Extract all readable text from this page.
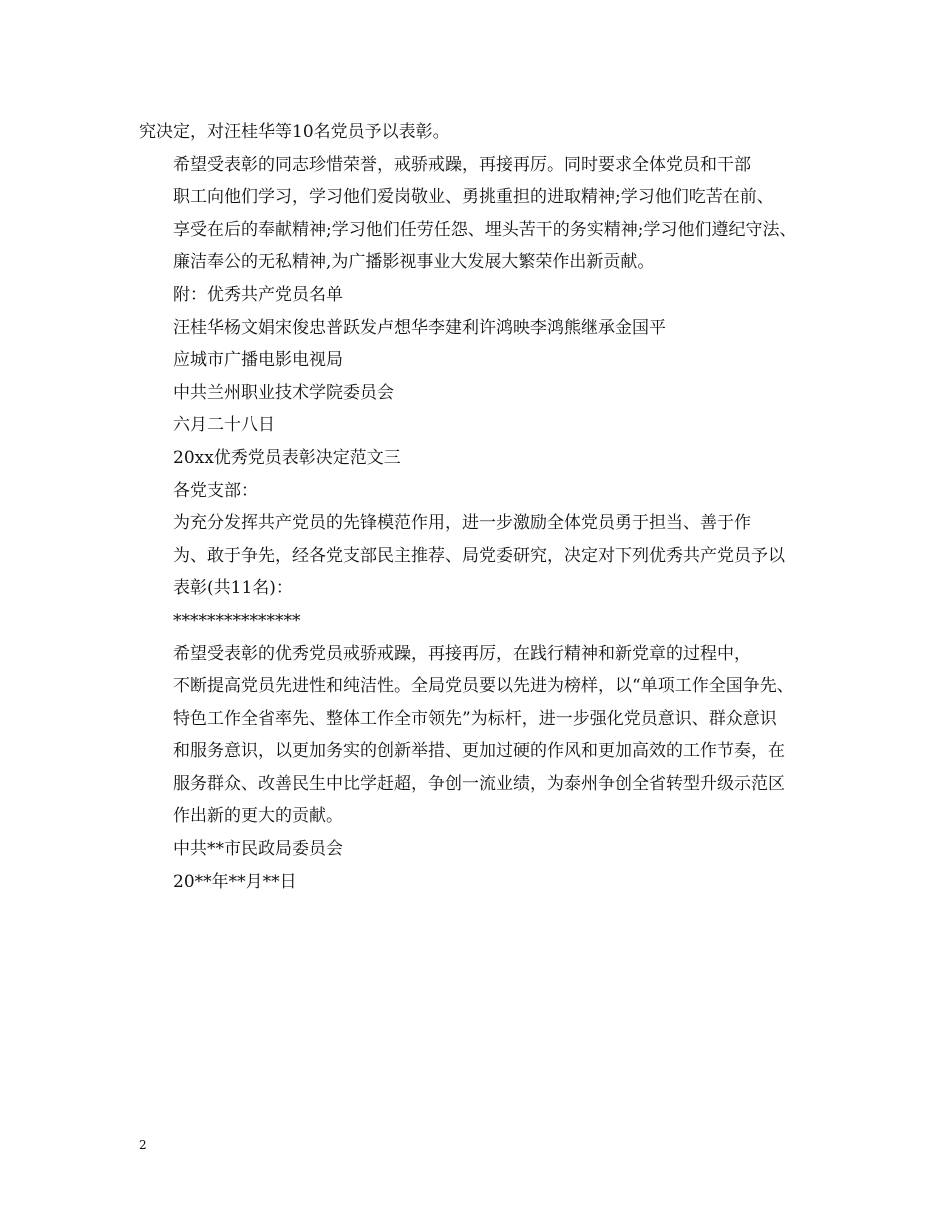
究决定，对汪桂华等10名党员予以表彰。

希望受表彰的同志珍惜荣誉，戒骄戒躁，再接再厉。同时要求全体党员和干部
职工向他们学习，学习他们爱岗敬业、勇挑重担的进取精神;学习他们吃苦在前、
享受在后的奉献精神;学习他们任劳任怨、埋头苦干的务实精神;学习他们遵纪守法、
廉洁奉公的无私精神,为广播影视事业大发展大繁荣作出新贡献。

附：优秀共产党员名单

汪桂华杨文娟宋俊忠普跃发卢想华李建利许鸿映李鸿熊继承金国平

应城市广播电影电视局

中共兰州职业技术学院委员会

六月二十八日

20xx优秀党员表彰决定范文三

各党支部：

为充分发挥共产党员的先锋模范作用，进一步激励全体党员勇于担当、善于作
为、敢于争先，经各党支部民主推荐、局党委研究，决定对下列优秀共产党员予以
表彰(共11名)：

***************

希望受表彰的优秀党员戒骄戒躁，再接再厉，在践行精神和新党章的过程中，
不断提高党员先进性和纯洁性。全局党员要以先进为榜样，以“单项工作全国争先、
特色工作全省率先、整体工作全市领先”为标杆，进一步强化党员意识、群众意识
和服务意识，以更加务实的创新举措、更加过硬的作风和更加高效的工作节奏，在
服务群众、改善民生中比学赶超，争创一流业绩，为泰州争创全省转型升级示范区
作出新的更大的贡献。

中共**市民政局委员会

20**年**月**日

2
